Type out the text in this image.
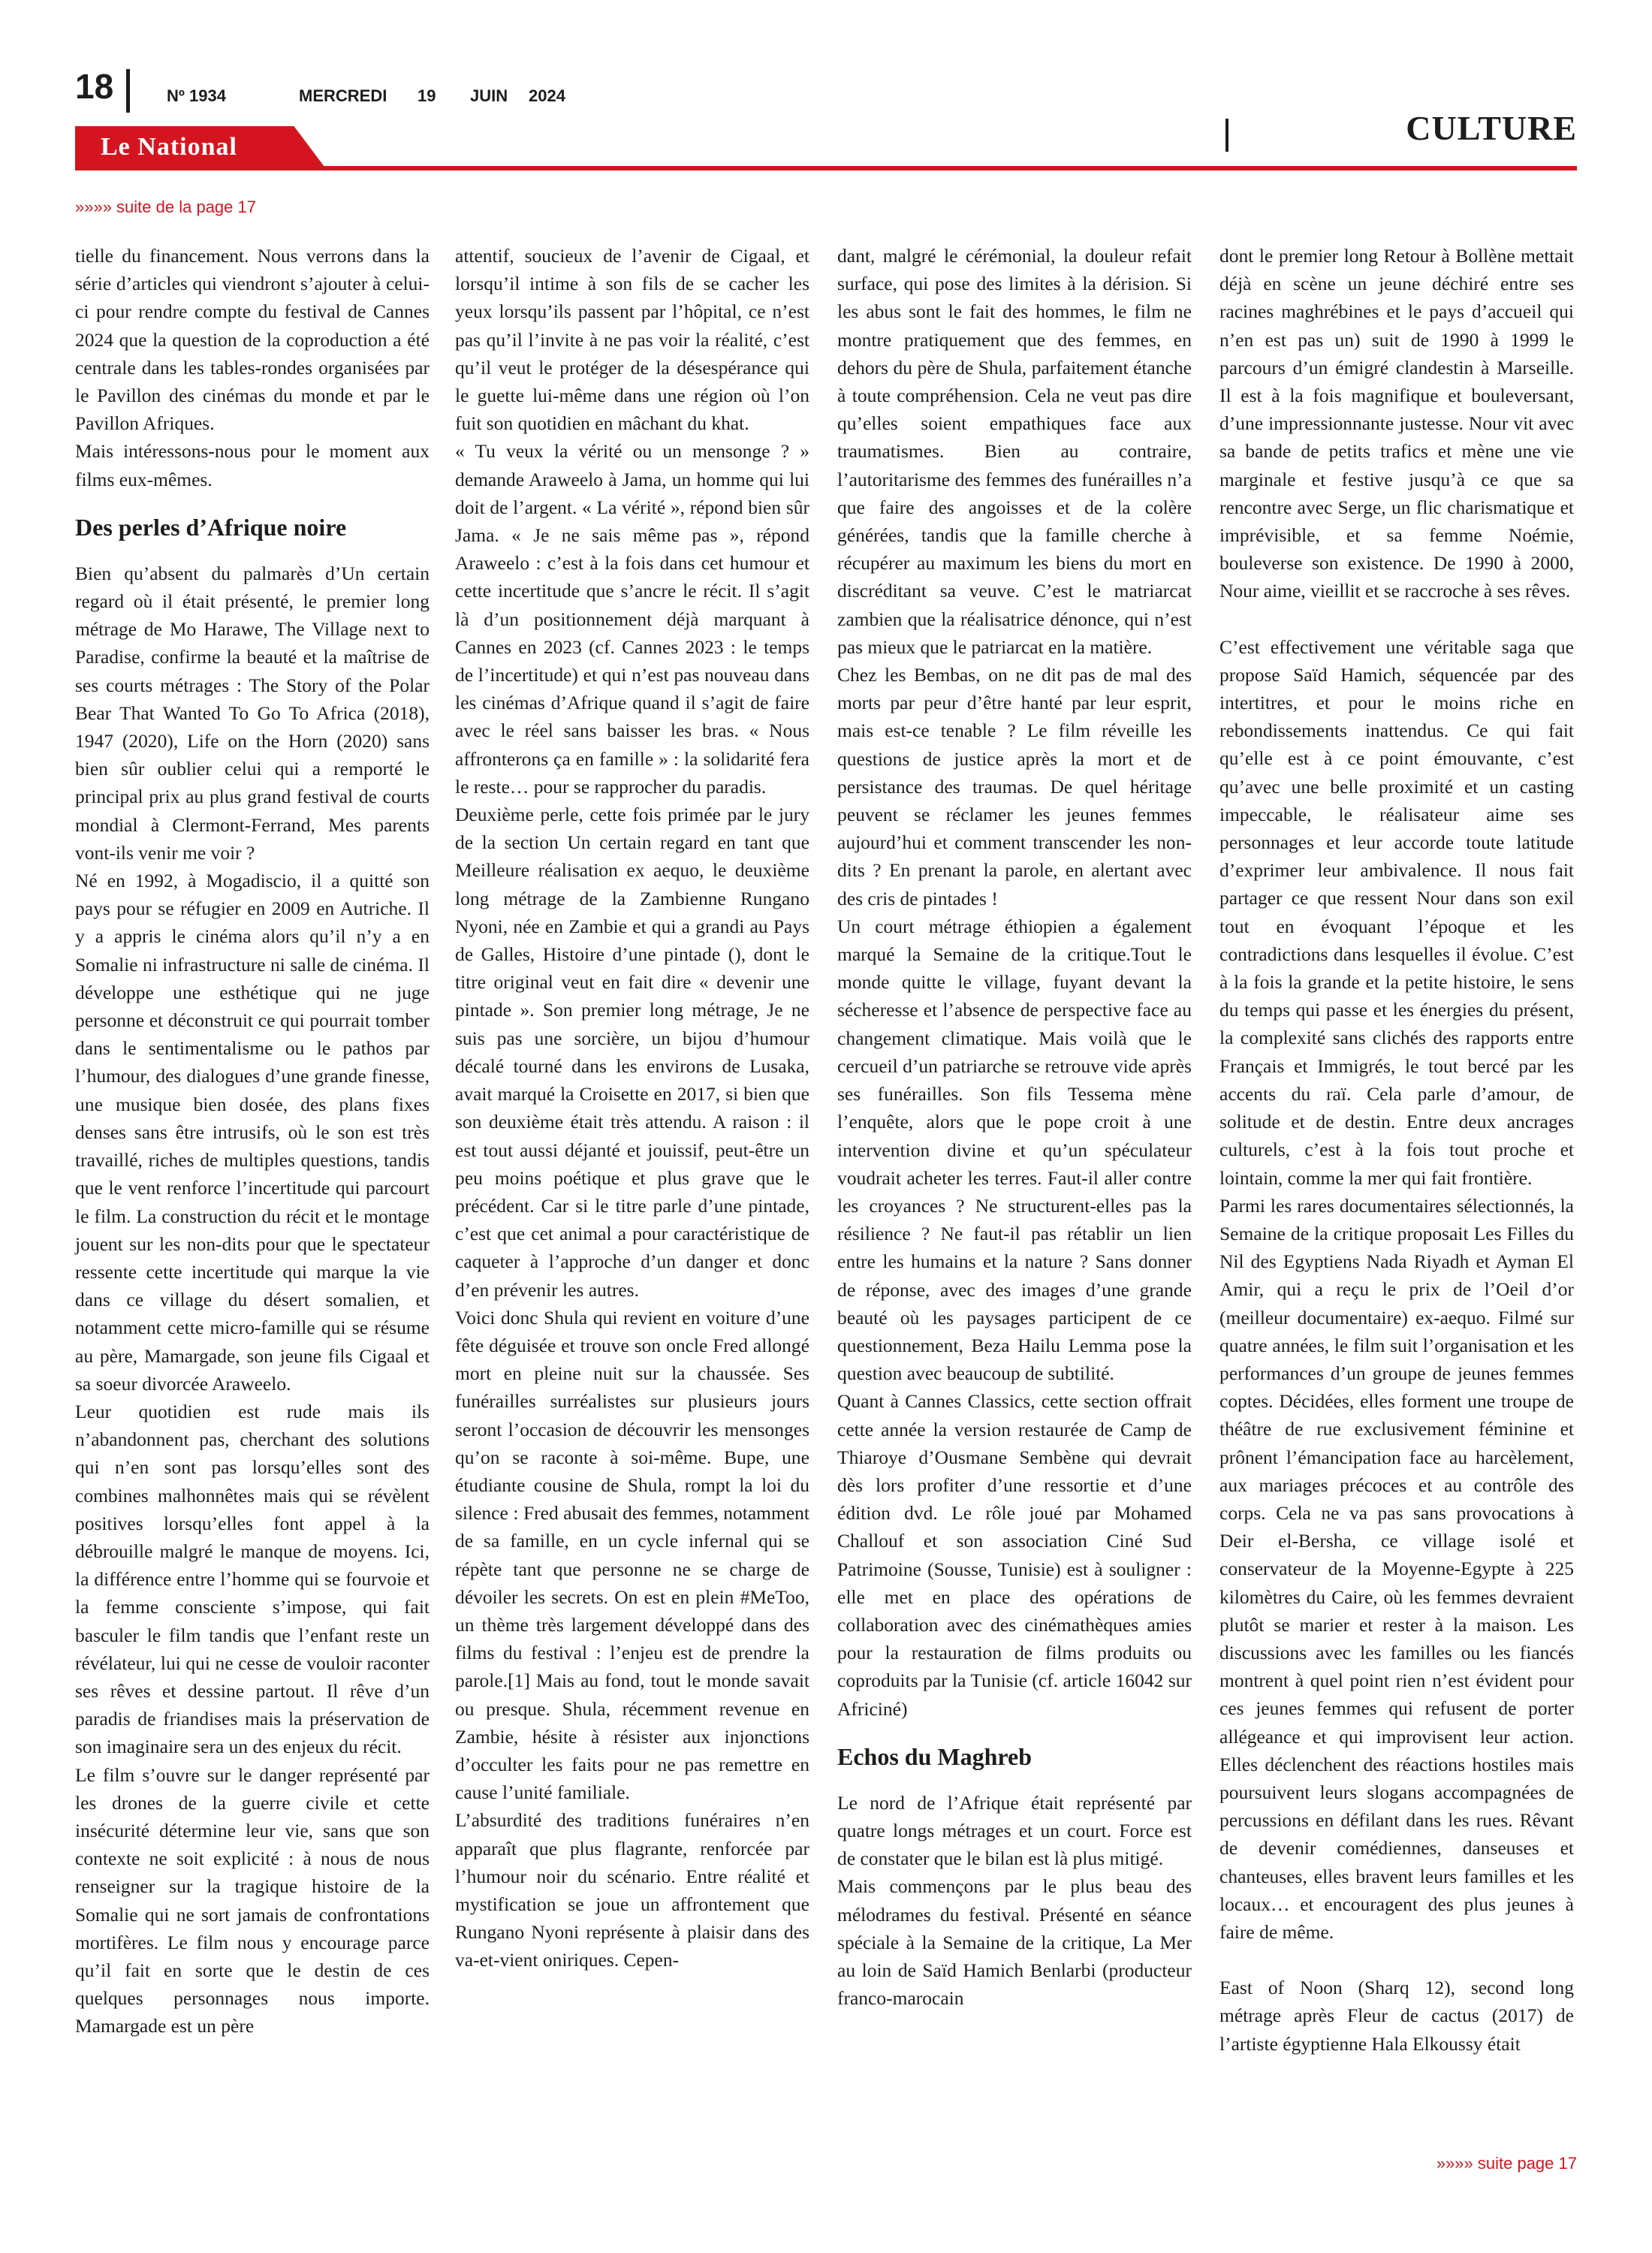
18	Nº 1934	MERCREDI 19 JUIN 2024
Le National	CULTURE
»»»» suite de la page 17

tielle du financement. Nous verrons dans la série d’articles qui viendront s’ajouter à celui-ci pour rendre compte du festival de Cannes 2024 que la question de la coproduction a été centrale dans les tables-rondes organisées par le Pavillon des cinémas du monde et par le Pavillon Afriques.

Mais intéressons-nous pour le moment aux films eux-mêmes.

Des perles d’Afrique noire

Bien qu’absent du palmarès d’Un certain regard où il était présenté, le premier long métrage de Mo Harawe, The Village next to Paradise, confirme la beauté et la maîtrise de ses courts métrages : The Story of the Polar Bear That Wanted To Go To Africa (2018), 1947 (2020), Life on the Horn (2020) sans bien sûr oublier celui qui a remporté le principal prix au plus grand festival de courts mondial à Clermont-Ferrand, Mes parents vont-ils venir me voir ?

Né en 1992, à Mogadiscio, il a quitté son pays pour se réfugier en 2009 en Autriche. Il y a appris le cinéma alors qu’il n’y a en Somalie ni infrastructure ni salle de cinéma. Il développe une esthétique qui ne juge personne et déconstruit ce qui pourrait tomber dans le sentimentalisme ou le pathos par l’humour, des dialogues d’une grande finesse, une musique bien dosée, des plans fixes denses sans être intrusifs, où le son est très travaillé, riches de multiples questions, tandis que le vent renforce l’incertitude qui parcourt le film. La construction du récit et le montage jouent sur les non-dits pour que le spectateur ressente cette incertitude qui marque la vie dans ce village du désert somalien, et notamment cette micro-famille qui se résume au père, Mamargade, son jeune fils Cigaal et sa soeur divorcée Araweelo.

Leur quotidien est rude mais ils n’abandonnent pas, cherchant des solutions qui n’en sont pas lorsqu’elles sont des combines malhonnêtes mais qui se révèlent positives lorsqu’elles font appel à la débrouille malgré le manque de moyens. Ici, la différence entre l’homme qui se fourvoie et la femme consciente s’impose, qui fait basculer le film tandis que l’enfant reste un révélateur, lui qui ne cesse de vouloir raconter ses rêves et dessine partout. Il rêve d’un paradis de friandises mais la préservation de son imaginaire sera un des enjeux du récit.

Le film s’ouvre sur le danger représenté par les drones de la guerre civile et cette insécurité détermine leur vie, sans que son contexte ne soit explicité : à nous de nous renseigner sur la tragique histoire de la Somalie qui ne sort jamais de confrontations mortifères. Le film nous y encourage parce qu’il fait en sorte que le destin de ces quelques personnages nous importe. Mamargade est un père

attentif, soucieux de l’avenir de Cigaal, et lorsqu’il intime à son fils de se cacher les yeux lorsqu’ils passent par l’hôpital, ce n’est pas qu’il l’invite à ne pas voir la réalité, c’est qu’il veut le protéger de la désespérance qui le guette lui-même dans une région où l’on fuit son quotidien en mâchant du khat.

« Tu veux la vérité ou un mensonge ? » demande Araweelo à Jama, un homme qui lui doit de l’argent. « La vérité », répond bien sûr Jama. « Je ne sais même pas », répond Araweelo : c’est à la fois dans cet humour et cette incertitude que s’ancre le récit. Il s’agit là d’un positionnement déjà marquant à Cannes en 2023 (cf. Cannes 2023 : le temps de l’incertitude) et qui n’est pas nouveau dans les cinémas d’Afrique quand il s’agit de faire avec le réel sans baisser les bras. « Nous affronterons ça en famille » : la solidarité fera le reste… pour se rapprocher du paradis.

Deuxième perle, cette fois primée par le jury de la section Un certain regard en tant que Meilleure réalisation ex aequo, le deuxième long métrage de la Zambienne Rungano Nyoni, née en Zambie et qui a grandi au Pays de Galles, Histoire d’une pintade (), dont le titre original veut en fait dire « devenir une pintade ». Son premier long métrage, Je ne suis pas une sorcière, un bijou d’humour décalé tourné dans les environs de Lusaka, avait marqué la Croisette en 2017, si bien que son deuxième était très attendu. A raison : il est tout aussi déjanté et jouissif, peut-être un peu moins poétique et plus grave que le précédent. Car si le titre parle d’une pintade, c’est que cet animal a pour caractéristique de caqueter à l’approche d’un danger et donc d’en prévenir les autres.

Voici donc Shula qui revient en voiture d’une fête déguisée et trouve son oncle Fred allongé mort en pleine nuit sur la chaussée. Ses funérailles surréalistes sur plusieurs jours seront l’occasion de découvrir les mensonges qu’on se raconte à soi-même. Bupe, une étudiante cousine de Shula, rompt la loi du silence : Fred abusait des femmes, notamment de sa famille, en un cycle infernal qui se répète tant que personne ne se charge de dévoiler les secrets. On est en plein #MeToo, un thème très largement développé dans des films du festival : l’enjeu est de prendre la parole.[1] Mais au fond, tout le monde savait ou presque. Shula, récemment revenue en Zambie, hésite à résister aux injonctions d’occulter les faits pour ne pas remettre en cause l’unité familiale.

L’absurdité des traditions funéraires n’en apparaît que plus flagrante, renforcée par l’humour noir du scénario. Entre réalité et mystification se joue un affrontement que Rungano Nyoni représente à plaisir dans des va-et-vient oniriques. Cepen-

dant, malgré le cérémonial, la douleur refait surface, qui pose des limites à la dérision. Si les abus sont le fait des hommes, le film ne montre pratiquement que des femmes, en dehors du père de Shula, parfaitement étanche à toute compréhension. Cela ne veut pas dire qu’elles soient empathiques face aux traumatismes. Bien au contraire, l’autoritarisme des femmes des funérailles n’a que faire des angoisses et de la colère générées, tandis que la famille cherche à récupérer au maximum les biens du mort en discréditant sa veuve. C’est le matriarcat zambien que la réalisatrice dénonce, qui n’est pas mieux que le patriarcat en la matière.

Chez les Bembas, on ne dit pas de mal des morts par peur d’être hanté par leur esprit, mais est-ce tenable ? Le film réveille les questions de justice après la mort et de persistance des traumas. De quel héritage peuvent se réclamer les jeunes femmes aujourd’hui et comment transcender les non-dits ? En prenant la parole, en alertant avec des cris de pintades !

Un court métrage éthiopien a également marqué la Semaine de la critique.Tout le monde quitte le village, fuyant devant la sécheresse et l’absence de perspective face au changement climatique. Mais voilà que le cercueil d’un patriarche se retrouve vide après ses funérailles. Son fils Tessema mène l’enquête, alors que le pope croit à une intervention divine et qu’un spéculateur voudrait acheter les terres. Faut-il aller contre les croyances ? Ne structurent-elles pas la résilience ? Ne faut-il pas rétablir un lien entre les humains et la nature ? Sans donner de réponse, avec des images d’une grande beauté où les paysages participent de ce questionnement, Beza Hailu Lemma pose la question avec beaucoup de subtilité.

Quant à Cannes Classics, cette section offrait cette année la version restaurée de Camp de Thiaroye d’Ousmane Sembène qui devrait dès lors profiter d’une ressortie et d’une édition dvd. Le rôle joué par Mohamed Challouf et son association Ciné Sud Patrimoine (Sousse, Tunisie) est à souligner : elle met en place des opérations de collaboration avec des cinémathèques amies pour la restauration de films produits ou coproduits par la Tunisie (cf. article 16042 sur Africiné)

Echos du Maghreb

Le nord de l’Afrique était représenté par quatre longs métrages et un court. Force est de constater que le bilan est là plus mitigé.

Mais commençons par le plus beau des mélodrames du festival. Présenté en séance spéciale à la Semaine de la critique, La Mer au loin de Saïd Hamich Benlarbi (producteur franco-marocain

dont le premier long Retour à Bollène mettait déjà en scène un jeune déchiré entre ses racines maghrébines et le pays d’accueil qui n’en est pas un) suit de 1990 à 1999 le parcours d’un émigré clandestin à Marseille. Il est à la fois magnifique et bouleversant, d’une impressionnante justesse. Nour vit avec sa bande de petits trafics et mène une vie marginale et festive jusqu’à ce que sa rencontre avec Serge, un flic charismatique et imprévisible, et sa femme Noémie, bouleverse son existence. De 1990 à 2000, Nour aime, vieillit et se raccroche à ses rêves.

C’est effectivement une véritable saga que propose Saïd Hamich, séquencée par des intertitres, et pour le moins riche en rebondissements inattendus. Ce qui fait qu’elle est à ce point émouvante, c’est qu’avec une belle proximité et un casting impeccable, le réalisateur aime ses personnages et leur accorde toute latitude d’exprimer leur ambivalence. Il nous fait partager ce que ressent Nour dans son exil tout en évoquant l’époque et les contradictions dans lesquelles il évolue. C’est à la fois la grande et la petite histoire, le sens du temps qui passe et les énergies du présent, la complexité sans clichés des rapports entre Français et Immigrés, le tout bercé par les accents du raï. Cela parle d’amour, de solitude et de destin. Entre deux ancrages culturels, c’est à la fois tout proche et lointain, comme la mer qui fait frontière.

Parmi les rares documentaires sélectionnés, la Semaine de la critique proposait Les Filles du Nil des Egyptiens Nada Riyadh et Ayman El Amir, qui a reçu le prix de l’Oeil d’or (meilleur documentaire) ex-aequo. Filmé sur quatre années, le film suit l’organisation et les performances d’un groupe de jeunes femmes coptes. Décidées, elles forment une troupe de théâtre de rue exclusivement féminine et prônent l’émancipation face au harcèlement, aux mariages précoces et au contrôle des corps. Cela ne va pas sans provocations à Deir el-Bersha, ce village isolé et conservateur de la Moyenne-Egypte à 225 kilomètres du Caire, où les femmes devraient plutôt se marier et rester à la maison. Les discussions avec les familles ou les fiancés montrent à quel point rien n’est évident pour ces jeunes femmes qui refusent de porter allégeance et qui improvisent leur action. Elles déclenchent des réactions hostiles mais poursuivent leurs slogans accompagnées de percussions en défilant dans les rues. Rêvant de devenir comédiennes, danseuses et chanteuses, elles bravent leurs familles et les locaux… et encouragent des plus jeunes à faire de même.

East of Noon (Sharq 12), second long métrage après Fleur de cactus (2017) de l’artiste égyptienne Hala Elkoussy était

»»»» suite page 17
